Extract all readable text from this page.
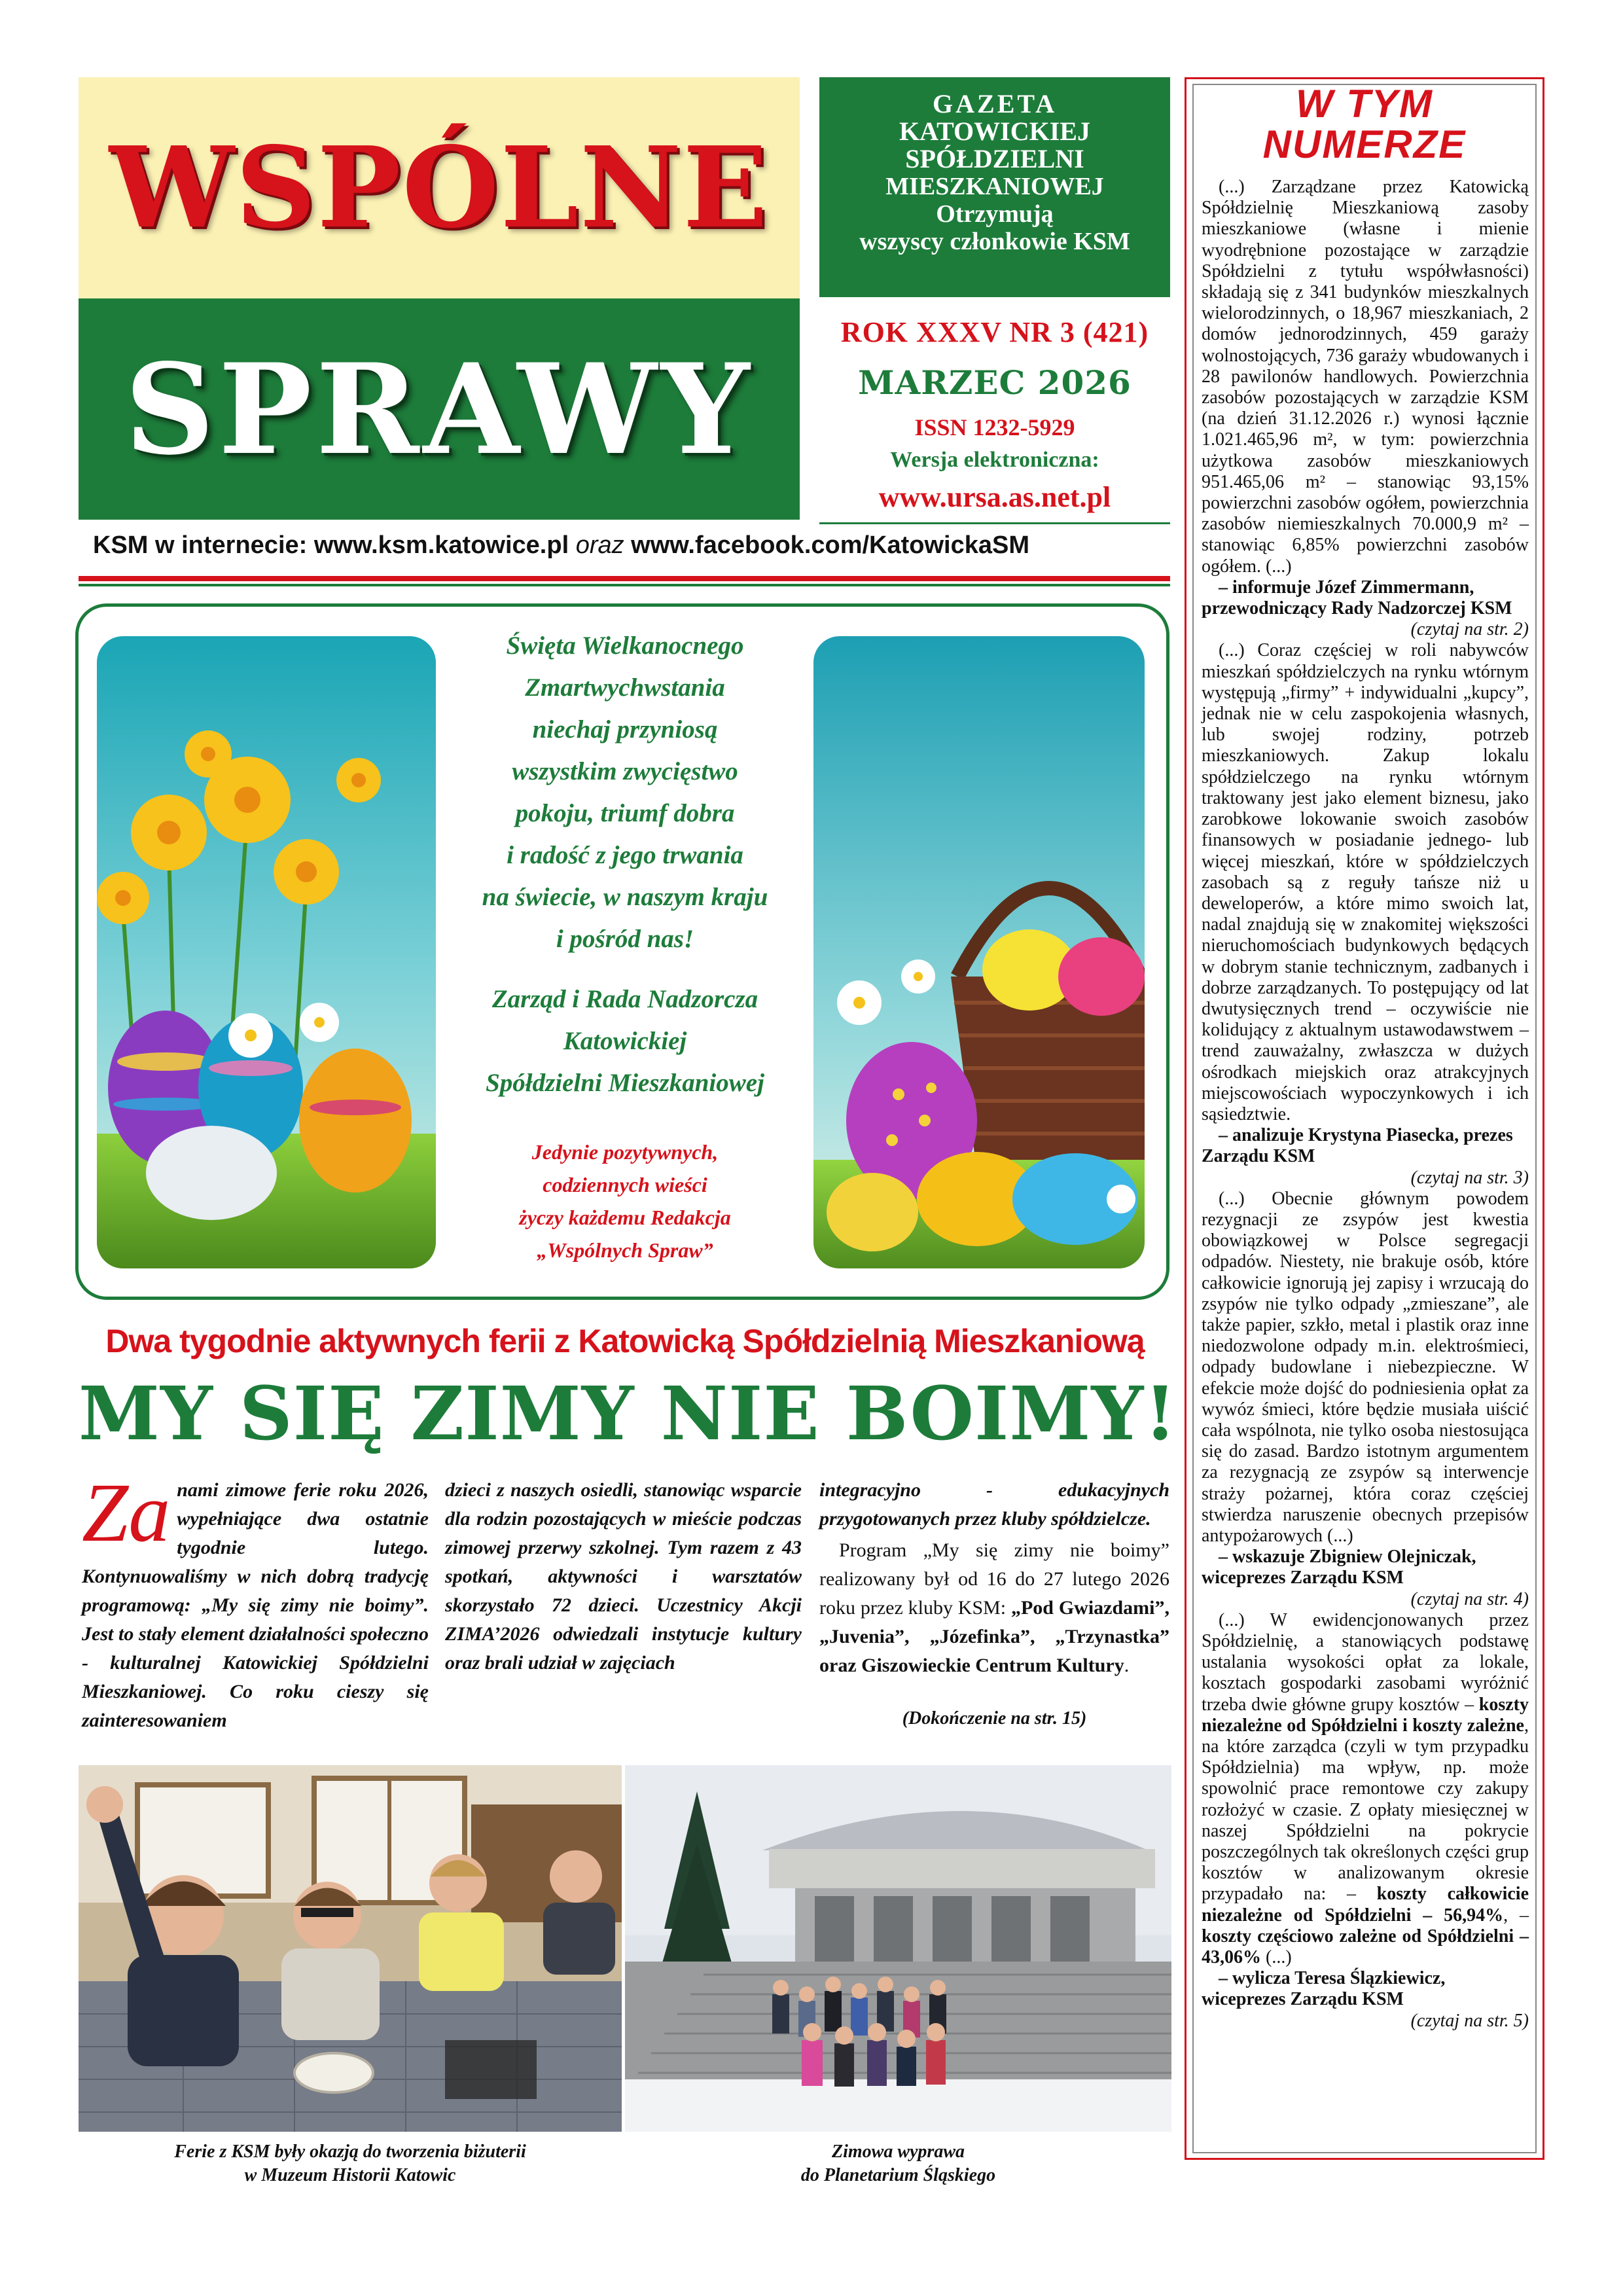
WSPÓLNE
SPRAWY
GAZETA
KATOWICKIEJ
SPÓŁDZIELNI
MIESZKANIOWEJ
Otrzymują
wszyscy członkowie KSM
ROK XXXV NR 3 (421)
MARZEC 2026
ISSN 1232-5929
Wersja elektroniczna:
www.ursa.as.net.pl
KSM w internecie: www.ksm.katowice.pl oraz www.facebook.com/KatowickaSM
Święta Wielkanocnego
Zmartwychwstania
niechaj przyniosą
wszystkim zwycięstwo
pokoju, triumf dobra
i radość z jego trwania
na świecie, w naszym kraju
i pośród nas!
Zarząd i Rada Nadzorcza
Katowickiej
Spółdzielni Mieszkaniowej
Jedynie pozytywnych,
codziennych wieści
życzy każdemu Redakcja
„Wspólnych Spraw”
Dwa tygodnie aktywnych ferii z Katowicką Spółdzielnią Mieszkaniową
MY SIĘ ZIMY NIE BOIMY!
Za nami zimowe ferie roku 2026, wypełniające dwa ostatnie tygodnie lutego. Kontynuowaliśmy w nich dobrą tradycję programową: „My się zimy nie boimy”. Jest to stały element działalności społeczno - kulturalnej Katowickiej Spółdzielni Mieszkaniowej. Co roku cieszy się zainteresowaniem
dzieci z naszych osiedli, stanowiąc wsparcie dla rodzin pozostających w mieście podczas zimowej przerwy szkolnej. Tym razem z 43 spotkań, aktywności i warsztatów skorzystało 72 dzieci. Uczestnicy Akcji ZIMA’2026 odwiedzali instytucje kultury oraz brali udział w zajęciach
integracyjno - edukacyjnych przygotowanych przez kluby spółdzielcze.

Program „My się zimy nie boimy” realizowany był od 16 do 27 lutego 2026 roku przez kluby KSM: „Pod Gwiazdami”, „Juvenia”, „Józefinka”, „Trzynastka” oraz Giszowieckie Centrum Kultury.

(Dokończenie na str. 15)
Ferie z KSM były okazją do tworzenia biżuterii
w Muzeum Historii Katowic
Zimowa wyprawa
do Planetarium Śląskiego
W TYM
NUMERZE

(...) Zarządzane przez Katowicką Spółdzielnię Mieszkaniową zasoby mieszkaniowe (własne i mienie wyodrębnione pozostające w zarządzie Spółdzielni z tytułu współwłasności) składają się z 341 budynków mieszkalnych wielorodzinnych, o 18,967 mieszkaniach, 2 domów jednorodzinnych, 459 garaży wolnostojących, 736 garaży wbudowanych i 28 pawilonów handlowych. Powierzchnia zasobów pozostających w zarządzie KSM (na dzień 31.12.2026 r.) wynosi łącznie 1.021.465,96 m², w tym: powierzchnia użytkowa zasobów mieszkaniowych 951.465,06 m² – stanowiąc 93,15% powierzchni zasobów ogółem, powierzchnia zasobów niemieszkalnych 70.000,9 m² – stanowiąc 6,85% powierzchni zasobów ogółem. (...)

– informuje Józef Zimmermann, przewodniczący Rady Nadzorczej KSM

(czytaj na str. 2)

(...) Coraz częściej w roli nabywców mieszkań spółdzielczych na rynku wtórnym występują „firmy” + indywidualni „kupcy”, jednak nie w celu zaspokojenia własnych, lub swojej rodziny, potrzeb mieszkaniowych. Zakup lokalu spółdzielczego na rynku wtórnym traktowany jest jako element biznesu, jako zarobkowe lokowanie swoich zasobów finansowych w posiadanie jednego- lub więcej mieszkań, które w spółdzielczych zasobach są z reguły tańsze niż u deweloperów, a które mimo swoich lat, nadal znajdują się w znakomitej większości nieruchomościach budynkowych będących w dobrym stanie technicznym, zadbanych i dobrze zarządzanych. To postępujący od lat dwutysięcznych trend – oczywiście nie kolidujący z aktualnym ustawodawstwem – trend zauważalny, zwłaszcza w dużych ośrodkach miejskich oraz atrakcyjnych miejscowościach wypoczynkowych i ich sąsiedztwie.

– analizuje Krystyna Piasecka, prezes Zarządu KSM

(czytaj na str. 3)

(...) Obecnie głównym powodem rezygnacji ze zsypów jest kwestia obowiązkowej w Polsce segregacji odpadów. Niestety, nie brakuje osób, które całkowicie ignorują jej zapisy i wrzucają do zsypów nie tylko odpady „zmieszane”, ale także papier, szkło, metal i plastik oraz inne niedozwolone odpady m.in. elektrośmieci, odpady budowlane i niebezpieczne. W efekcie może dojść do podniesienia opłat za wywóz śmieci, które będzie musiała uiścić cała wspólnota, nie tylko osoba niestosująca się do zasad. Bardzo istotnym argumentem za rezygnacją ze zsypów są interwencje straży pożarnej, która coraz częściej stwierdza naruszenie obecnych przepisów antypożarowych (...)

– wskazuje Zbigniew Olejniczak, wiceprezes Zarządu KSM

(czytaj na str. 4)

(...) W ewidencjonowanych przez Spółdzielnię, a stanowiących podstawę ustalania wysokości opłat za lokale, kosztach gospodarki zasobami wyróżnić trzeba dwie główne grupy kosztów – koszty niezależne od Spółdzielni i koszty zależne, na które zarządca (czyli w tym przypadku Spółdzielnia) ma wpływ, np. może spowolnić prace remontowe czy zakupy rozłożyć w czasie. Z opłaty miesięcznej w naszej Spółdzielni na pokrycie poszczególnych tak określonych części grup kosztów w analizowanym okresie przypadało na: – koszty całkowicie niezależne od Spółdzielni – 56,94%, – koszty częściowo zależne od Spółdzielni – 43,06% (...)

– wylicza Teresa Ślązkiewicz, wiceprezes Zarządu KSM

(czytaj na str. 5)
